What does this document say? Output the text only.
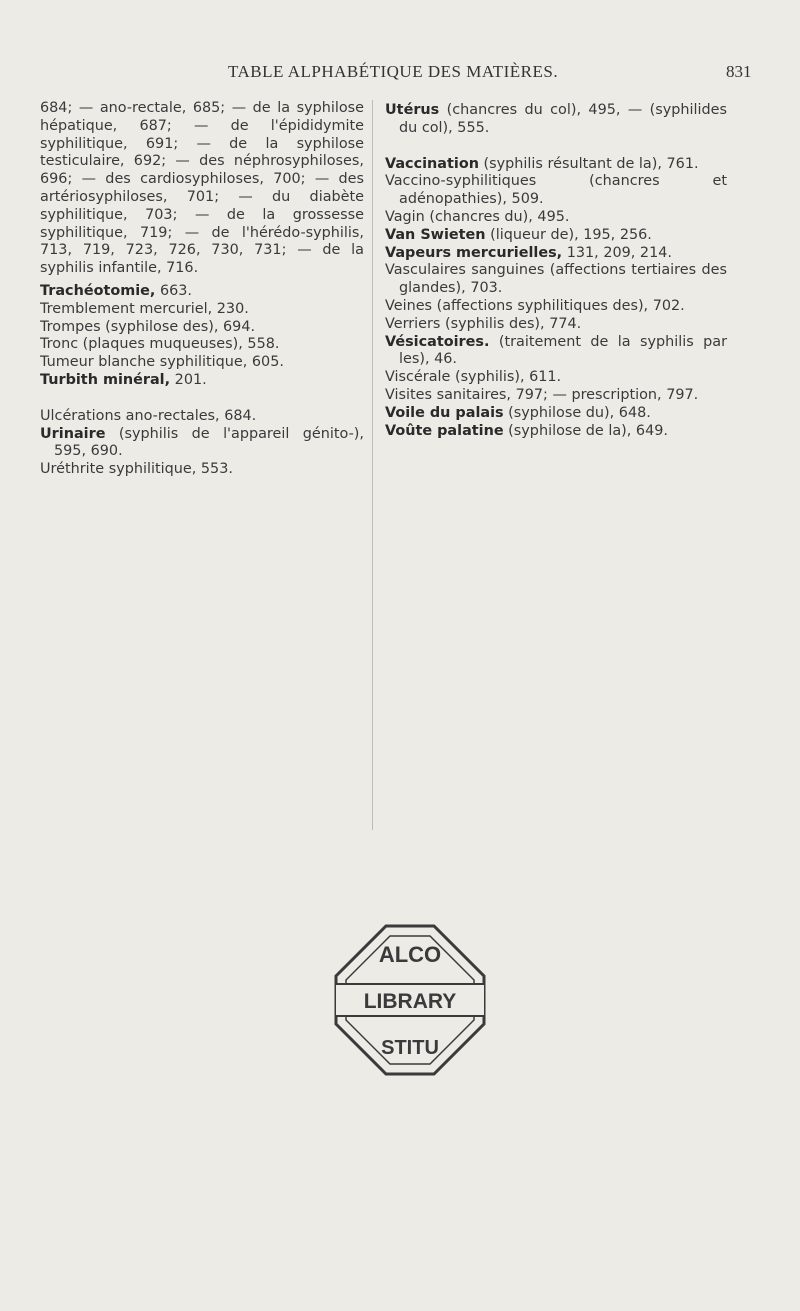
TABLE ALPHABÉTIQUE DES MATIÈRES.	831

684; — ano-rectale, 685; — de la syphilose hépatique, 687; — de l'épididymite syphilitique, 691; — de la syphilose testiculaire, 692; — des néphrosyphiloses, 696; — des cardiosyphiloses, 700; — des artériosyphiloses, 701; — du diabète syphilitique, 703; — de la grossesse syphilitique, 719; — de l'hérédo-syphilis, 713, 719, 723, 726, 730, 731; — de la syphilis infantile, 716.

Trachéotomie, 663.

Tremblement mercuriel, 230.

Trompes (syphilose des), 694.

Tronc (plaques muqueuses), 558.

Tumeur blanche syphilitique, 605.

Turbith minéral, 201.

Ulcérations ano-rectales, 684.

Urinaire (syphilis de l'appareil génito-), 595, 690.

Uréthrite syphilitique, 553.

Utérus (chancres du col), 495, — (syphilides du col), 555.

Vaccination (syphilis résultant de la), 761.

Vaccino-syphilitiques (chancres et adénopathies), 509.

Vagin (chancres du), 495.

Van Swieten (liqueur de), 195, 256.

Vapeurs mercurielles, 131, 209, 214.

Vasculaires sanguines (affections tertiaires des glandes), 703.

Veines (affections syphilitiques des), 702.

Verriers (syphilis des), 774.

Vésicatoires. (traitement de la syphilis par les), 46.

Viscérale (syphilis), 611.

Visites sanitaires, 797; — prescription, 797.

Voile du palais (syphilose du), 648.

Voûte palatine (syphilose de la), 649.

ALCO
LIBRARY
STITU
